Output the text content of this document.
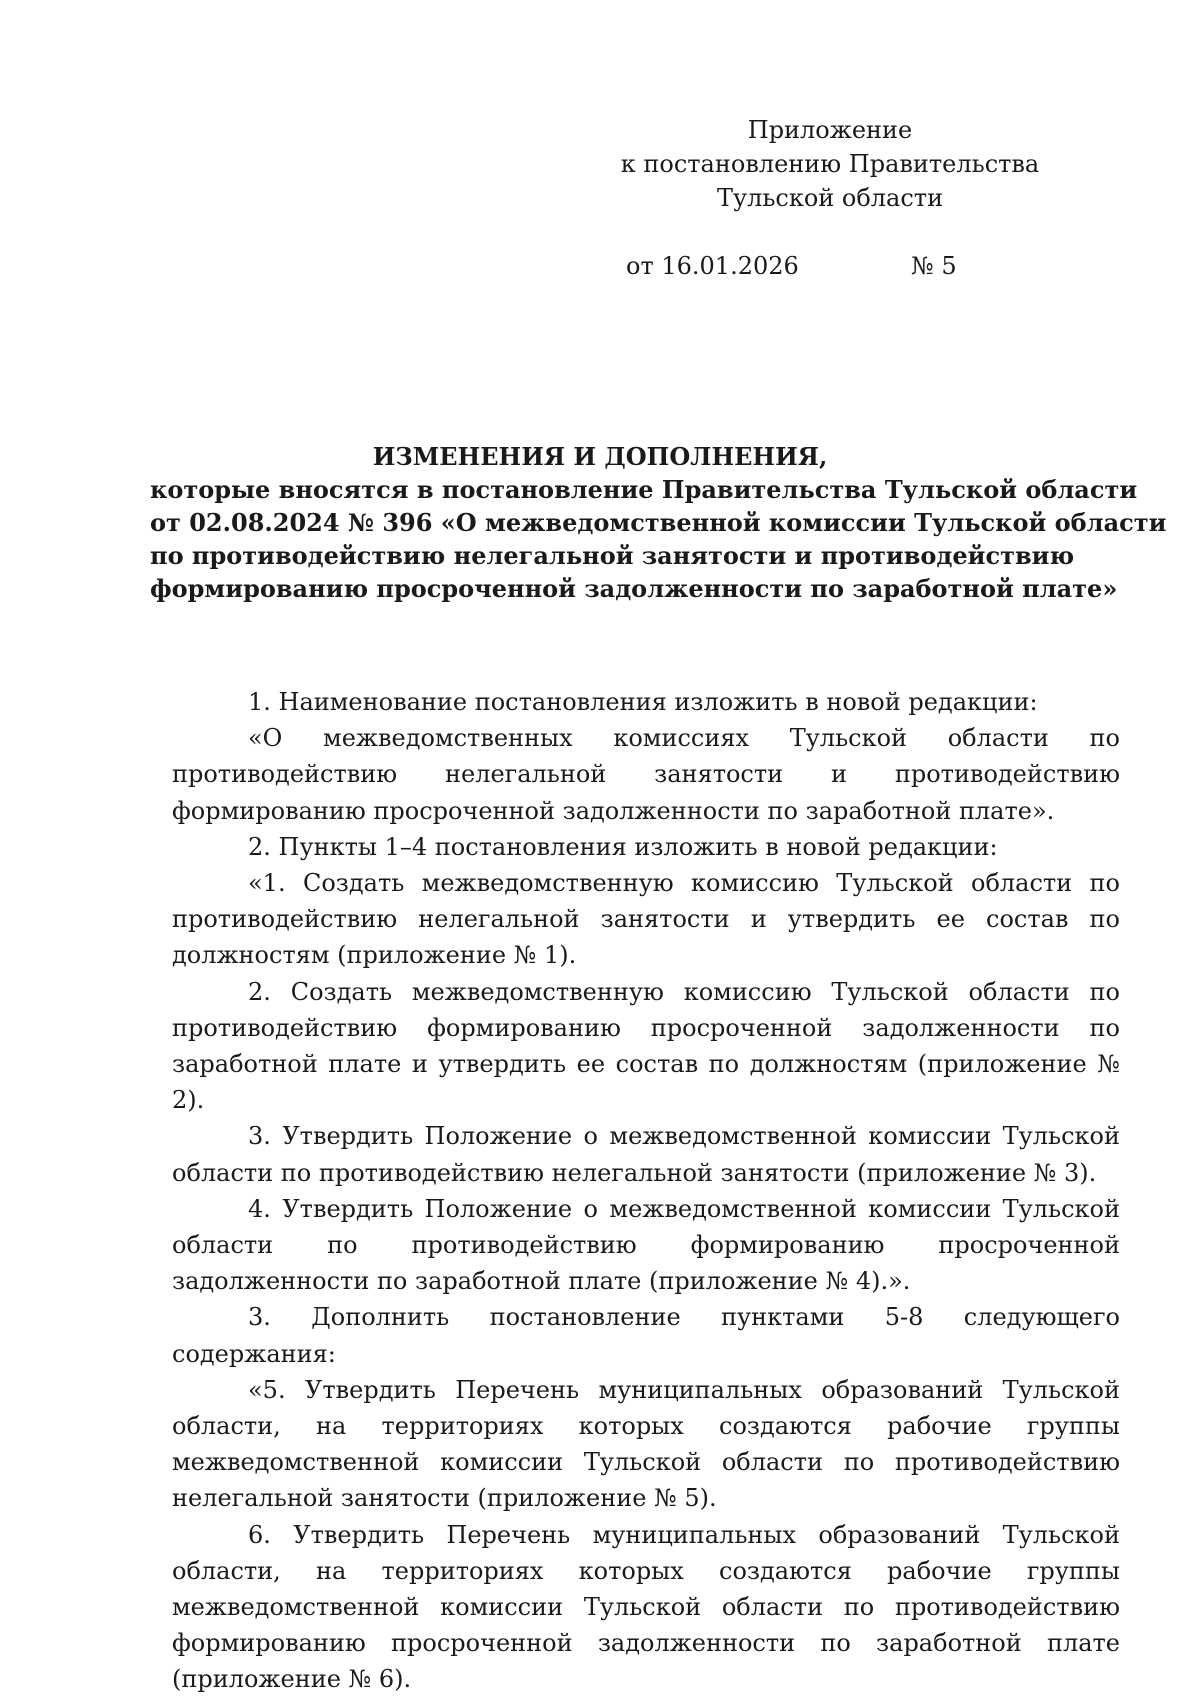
Приложение
к постановлению Правительства
Тульской области
от 16.01.2026	№ 5
ИЗМЕНЕНИЯ И ДОПОЛНЕНИЯ,
которые вносятся в постановление Правительства Тульской области
от 02.08.2024 № 396 «О межведомственной комиссии Тульской области
по противодействию нелегальной занятости и противодействию
формированию просроченной задолженности по заработной плате»

1. Наименование постановления изложить в новой редакции:

«О межведомственных комиссиях Тульской области по противодействию нелегальной занятости и противодействию формированию просроченной задолженности по заработной плате».

2. Пункты 1–4 постановления изложить в новой редакции:

«1. Создать межведомственную комиссию Тульской области по противодействию нелегальной занятости и утвердить ее состав по должностям (приложение № 1).

2. Создать межведомственную комиссию Тульской области по противодействию формированию просроченной задолженности по заработной плате и утвердить ее состав по должностям (приложение № 2).

3. Утвердить Положение о межведомственной комиссии Тульской области по противодействию нелегальной занятости (приложение № 3).

4. Утвердить Положение о межведомственной комиссии Тульской области по противодействию формированию просроченной задолженности по заработной плате (приложение № 4).».

3. Дополнить постановление пунктами 5-8 следующего содержания:

«5. Утвердить Перечень муниципальных образований Тульской области, на территориях которых создаются рабочие группы межведомственной комиссии Тульской области по противодействию нелегальной занятости (приложение № 5).

6. Утвердить Перечень муниципальных образований Тульской области, на территориях которых создаются рабочие группы межведомственной комиссии Тульской области по противодействию формированию просроченной задолженности по заработной плате (приложение № 6).
